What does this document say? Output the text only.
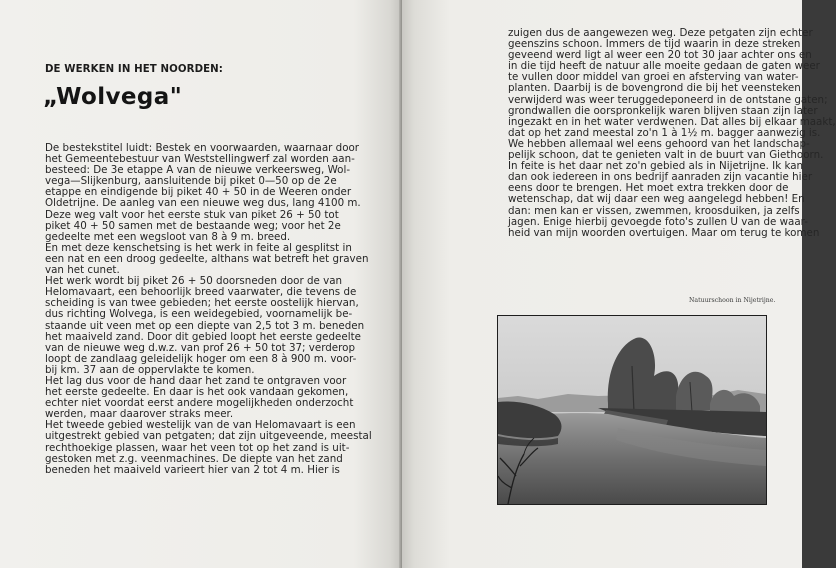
DE WERKEN IN HET NOORDEN:
„Wolvega"
De bestekstitel luidt: Bestek en voorwaarden, waarnaar door
het Gemeentebestuur van Weststellingwerf zal worden aan-
besteed: De 3e etappe A van de nieuwe verkeersweg, Wol-
vega—Slijkenburg, aansluitende bij piket 0—50 op de 2e
etappe en eindigende bij piket 40 + 50 in de Weeren onder
Oldetrijne. De aanleg van een nieuwe weg dus, lang 4100 m.
Deze weg valt voor het eerste stuk van piket 26 + 50 tot
piket 40 + 50 samen met de bestaande weg; voor het 2e
gedeelte met een wegsloot van 8 à 9 m. breed.
En met deze kenschetsing is het werk in feite al gesplitst in
een nat en een droog gedeelte, althans wat betreft het graven
van het cunet.
Het werk wordt bij piket 26 + 50 doorsneden door de van
Helomavaart, een behoorlijk breed vaarwater, die tevens de
scheiding is van twee gebieden; het eerste oostelijk hiervan,
dus richting Wolvega, is een weidegebied, voornamelijk be-
staande uit veen met op een diepte van 2,5 tot 3 m. beneden
het maaiveld zand. Door dit gebied loopt het eerste gedeelte
van de nieuwe weg d.w.z. van prof 26 + 50 tot 37; verderop
loopt de zandlaag geleidelijk hoger om een 8 à 900 m. voor-
bij km. 37 aan de oppervlakte te komen.
Het lag dus voor de hand daar het zand te ontgraven voor
het eerste gedeelte. En daar is het ook vandaan gekomen,
echter niet voordat eerst andere mogelijkheden onderzocht
werden, maar daarover straks meer.
Het tweede gebied westelijk van de van Helomavaart is een
uitgestrekt gebied van petgaten; dat zijn uitgeveende, meestal
rechthoekige plassen, waar het veen tot op het zand is uit-
gestoken met z.g. veenmachines. De diepte van het zand
beneden het maaiveld varieert hier van 2 tot 4 m. Hier is
zuigen dus de aangewezen weg. Deze petgaten zijn echter
geenszins schoon. Immers de tijd waarin in deze streken
geveend werd ligt al weer een 20 tot 30 jaar achter ons en
in die tijd heeft de natuur alle moeite gedaan de gaten weer
te vullen door middel van groei en afsterving van water-
planten. Daarbij is de bovengrond die bij het veensteken
verwijderd was weer teruggedeponeerd in de ontstane gaten;
grondwallen die oorspronkelijk waren blijven staan zijn later
ingezakt en in het water verdwenen. Dat alles bij elkaar maakt,
dat op het zand meestal zo'n 1 à 1½ m. bagger aanwezig is.
We hebben allemaal wel eens gehoord van het landschap-
pelijk schoon, dat te genieten valt in de buurt van Giethoorn.
In feite is het daar net zo'n gebied als in Nijetrijne. Ik kan
dan ook iedereen in ons bedrijf aanraden zijn vacantie hier
eens door te brengen. Het moet extra trekken door de
wetenschap, dat wij daar een weg aangelegd hebben! En
dan: men kan er vissen, zwemmen, kroosduiken, ja zelfs
jagen. Enige hierbij gevoegde foto's zullen U van de waar-
heid van mijn woorden overtuigen. Maar om terug te komen
Natuurschoon in Nijetrijne.
